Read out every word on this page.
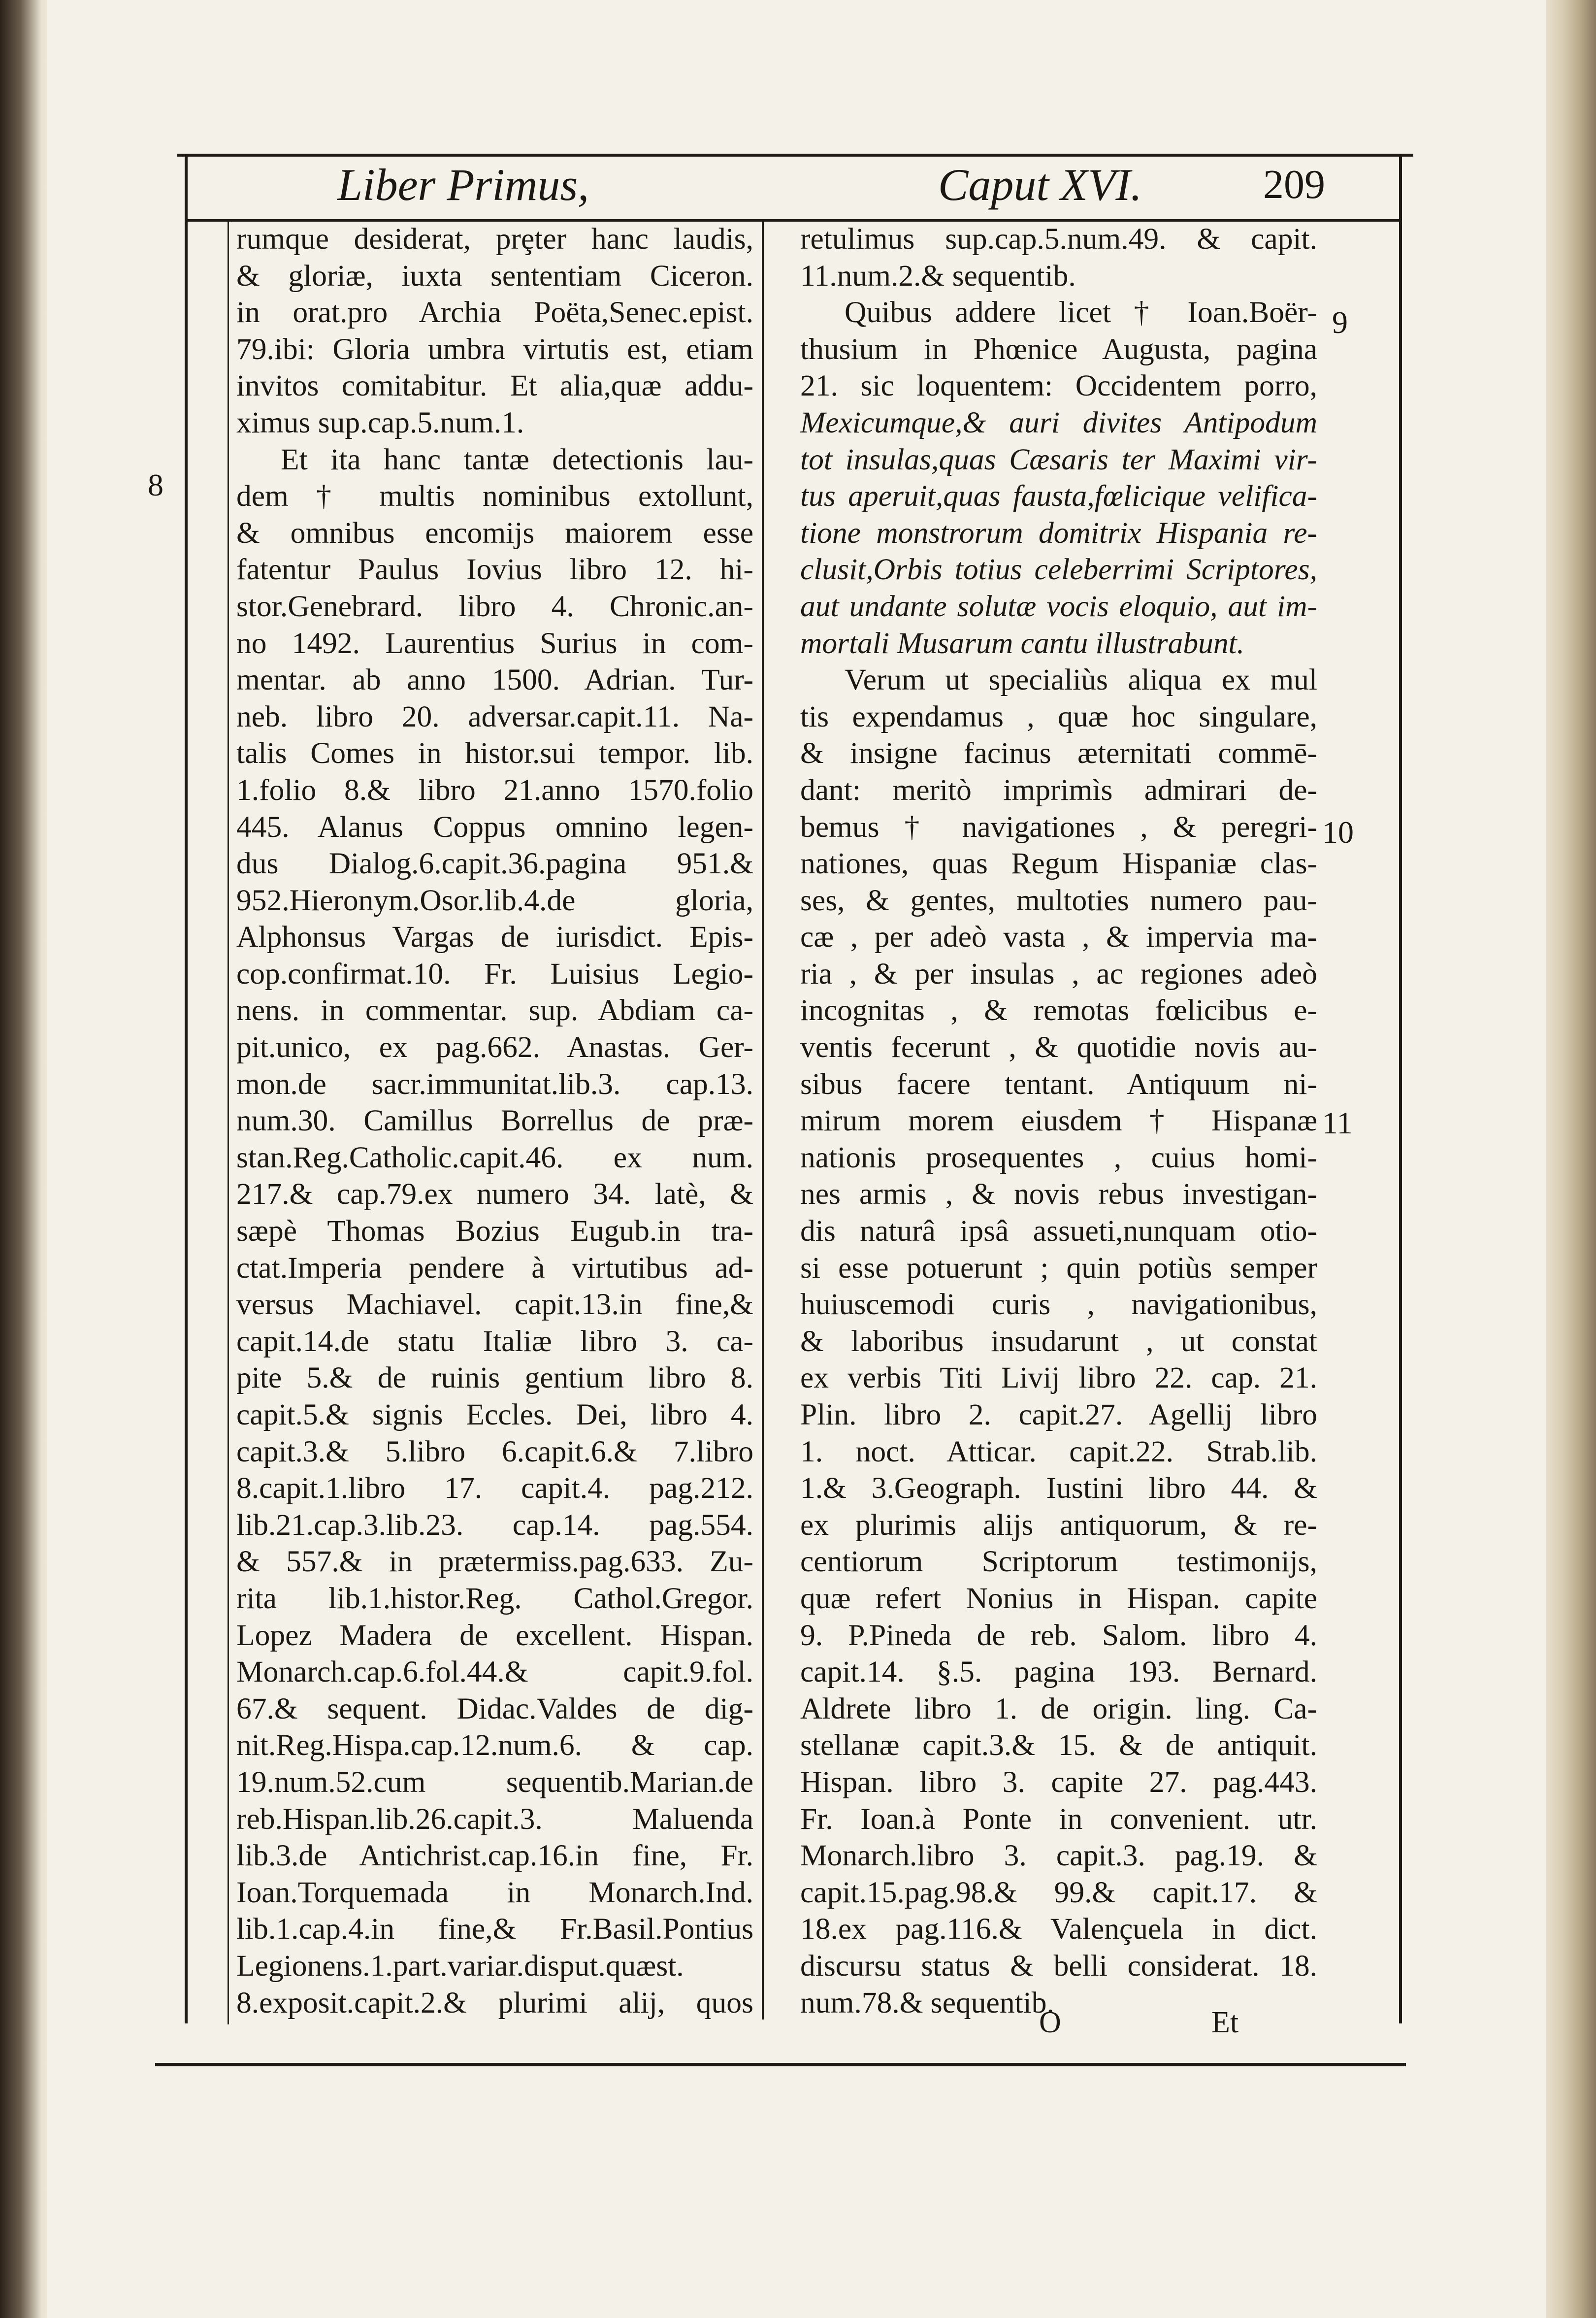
Liber Primus,	Caput XVI.	209
rumque desiderat, prȩter hanc laudis,
& gloriæ, iuxta sententiam Ciceron.
in orat.pro Archia Poëta,Senec.epist.
79.ibi: Gloria umbra virtutis est, etiam
invitos comitabitur. Et alia,quæ addu-
ximus sup.cap.5.num.1.
Et ita hanc tantæ detectionis lau-
dem † multis nominibus extollunt,
& omnibus encomijs maiorem esse
fatentur Paulus Iovius libro 12. hi-
stor.Genebrard. libro 4. Chronic.an-
no 1492. Laurentius Surius in com-
mentar. ab anno 1500. Adrian. Tur-
neb. libro 20. adversar.capit.11. Na-
talis Comes in histor.sui tempor. lib.
1.folio 8.& libro 21.anno 1570.folio
445. Alanus Coppus omnino legen-
dus Dialog.6.capit.36.pagina 951.&
952.Hieronym.Osor.lib.4.de gloria,
Alphonsus Vargas de iurisdict. Epis-
cop.confirmat.10. Fr. Luisius Legio-
nens. in commentar. sup. Abdiam ca-
pit.unico, ex pag.662. Anastas. Ger-
mon.de sacr.immunitat.lib.3. cap.13.
num.30. Camillus Borrellus de præ-
stan.Reg.Catholic.capit.46. ex num.
217.& cap.79.ex numero 34. latè, &
sæpè Thomas Bozius Eugub.in tra-
ctat.Imperia pendere à virtutibus ad-
versus Machiavel. capit.13.in fine,&
capit.14.de statu Italiæ libro 3. ca-
pite 5.& de ruinis gentium libro 8.
capit.5.& signis Eccles. Dei, libro 4.
capit.3.& 5.libro 6.capit.6.& 7.libro
8.capit.1.libro 17. capit.4. pag.212.
lib.21.cap.3.lib.23. cap.14. pag.554.
& 557.& in prætermiss.pag.633. Zu-
rita lib.1.histor.Reg. Cathol.Gregor.
Lopez Madera de excellent. Hispan.
Monarch.cap.6.fol.44.& capit.9.fol.
67.& sequent. Didac.Valdes de dig-
nit.Reg.Hispa.cap.12.num.6. & cap.
19.num.52.cum sequentib.Marian.de
reb.Hispan.lib.26.capit.3. Maluenda
lib.3.de Antichrist.cap.16.in fine, Fr.
Ioan.Torquemada in Monarch.Ind.
lib.1.cap.4.in fine,& Fr.Basil.Pontius
Legionens.1.part.variar.disput.quæst.
8.exposit.capit.2.& plurimi alij, quos
retulimus sup.cap.5.num.49. & capit.
11.num.2.& sequentib.
Quibus addere licet † Ioan.Boër-
thusium in Phœnice Augusta, pagina
21. sic loquentem: Occidentem porro,
Mexicumque,& auri divites Antipodum
tot insulas,quas Cæsaris ter Maximi vir-
tus aperuit,quas fausta,fœlicique velifica-
tione monstrorum domitrix Hispania re-
clusit,Orbis totius celeberrimi Scriptores,
aut undante solutæ vocis eloquio, aut im-
mortali Musarum cantu illustrabunt.
Verum ut specialiùs aliqua ex mul
tis expendamus , quæ hoc singulare,
& insigne facinus æternitati commē-
dant: meritò imprimìs admirari de-
bemus † navigationes , & peregri-
nationes, quas Regum Hispaniæ clas-
ses, & gentes, multoties numero pau-
cæ , per adeò vasta , & impervia ma-
ria , & per insulas , ac regiones adeò
incognitas , & remotas fœlicibus e-
ventis fecerunt , & quotidie novis au-
sibus facere tentant. Antiquum ni-
mirum morem eiusdem † Hispanæ
nationis prosequentes , cuius homi-
nes armis , & novis rebus investigan-
dis naturâ ipsâ assueti,nunquam otio-
si esse potuerunt ; quin potiùs semper
huiuscemodi curis , navigationibus,
& laboribus insudarunt , ut constat
ex verbis Titi Livij libro 22. cap. 21.
Plin. libro 2. capit.27. Agellij libro
1. noct. Atticar. capit.22. Strab.lib.
1.& 3.Geograph. Iustini libro 44. &
ex plurimis alijs antiquorum, & re-
centiorum Scriptorum testimonijs,
quæ refert Nonius in Hispan. capite
9. P.Pineda de reb. Salom. libro 4.
capit.14. §.5. pagina 193. Bernard.
Aldrete libro 1. de origin. ling. Ca-
stellanæ capit.3.& 15. & de antiquit.
Hispan. libro 3. capite 27. pag.443.
Fr. Ioan.à Ponte in convenient. utr.
Monarch.libro 3. capit.3. pag.19. &
capit.15.pag.98.& 99.& capit.17. &
18.ex pag.116.& Valençuela in dict.
discursu status & belli considerat. 18.
num.78.& sequentib.
8
9
10
11
O	Et
